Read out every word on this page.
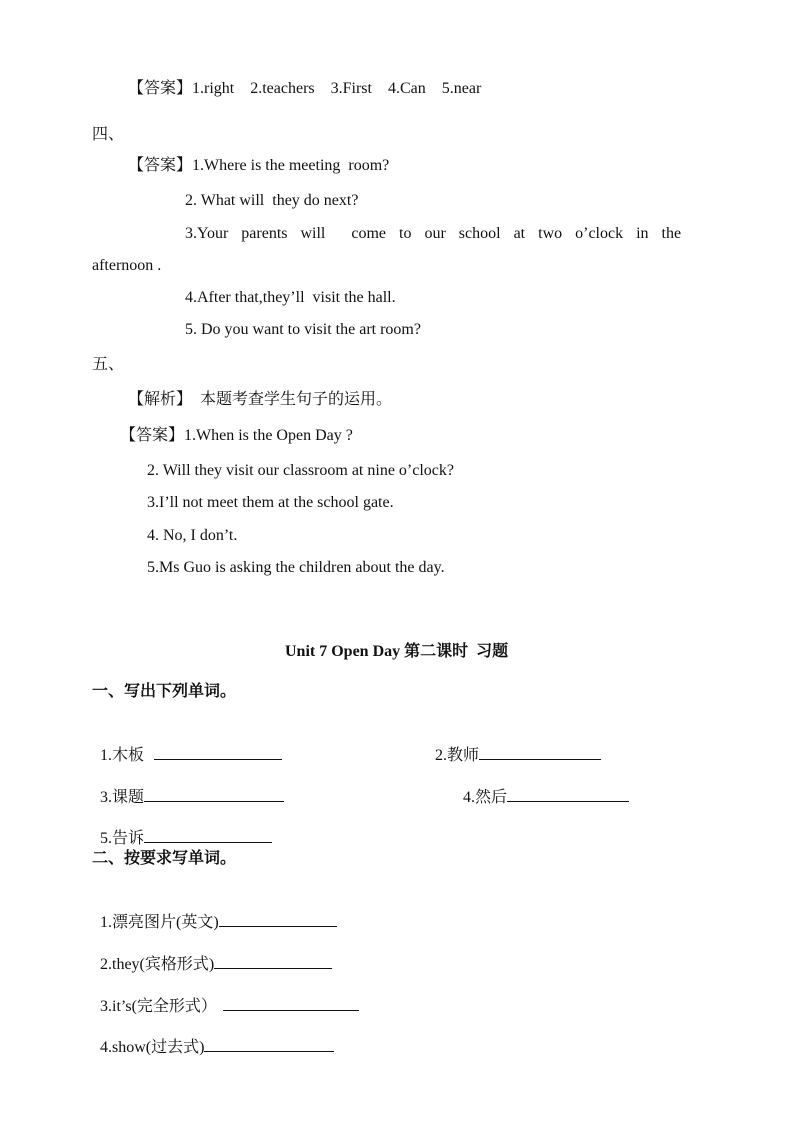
【答案】1.right    2.teachers    3.First    4.Can    5.near
四、
【答案】1.Where is the meeting  room?
2. What will  they do next?
3.Your parents will  come to our school at two o’clock in the
afternoon .
4.After that,they’ll  visit the hall.
5. Do you want to visit the art room?
五、
【解析】  本题考查学生句子的运用。
【答案】1.When is the Open Day ?
2. Will they visit our classroom at nine o’clock?
3.I’ll not meet them at the school gate.
4. No, I don’t.
5.Ms Guo is asking the children about the day.
Unit 7 Open Day 第二课时  习题
一、写出下列单词。

1.木板	2.教师

3.课题	4.然后

5.告诉

二、按要求写单词。

1.漂亮图片(英文)

2.they(宾格形式)

3.it’s(完全形式）

4.show(过去式)
